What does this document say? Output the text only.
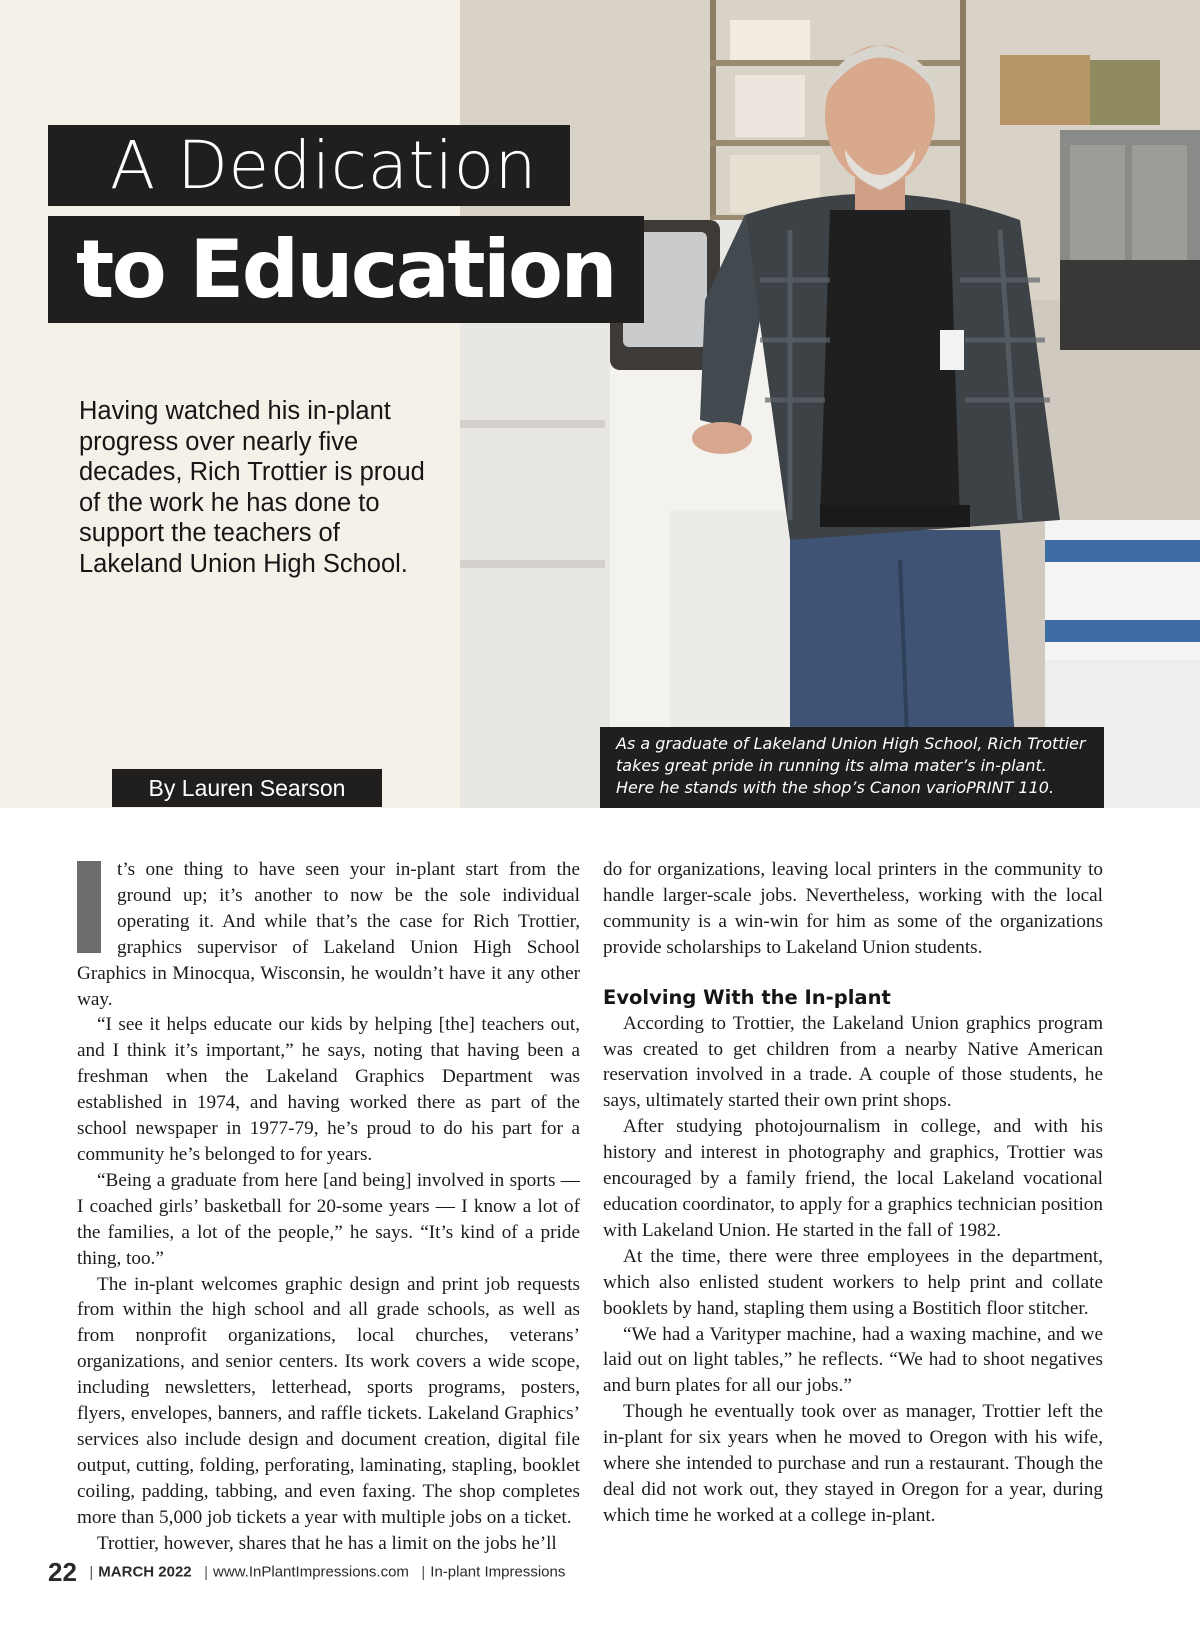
A Dedication
to Education
Having watched his in-plant progress over nearly five decades, Rich Trottier is proud of the work he has done to support the teachers of Lakeland Union High School.
By Lauren Searson
As a graduate of Lakeland Union High School, Rich Trottier takes great pride in running its alma mater’s in-plant. Here he stands with the shop’s Canon varioPRINT 110.

t’s one thing to have seen your in-plant start from the ground up; it’s another to now be the sole individual operating it. And while that’s the case for Rich Trottier, graphics supervisor of Lakeland Union High School Graphics in Minocqua, Wisconsin, he wouldn’t have it any other way.

“I see it helps educate our kids by helping [the] teachers out, and I think it’s important,” he says, noting that having been a freshman when the Lakeland Graphics Department was established in 1974, and having worked there as part of the school newspaper in 1977-79, he’s proud to do his part for a community he’s belonged to for years.

“Being a graduate from here [and being] involved in sports — I coached girls’ basketball for 20-some years — I know a lot of the families, a lot of the people,” he says. “It’s kind of a pride thing, too.”

The in-plant welcomes graphic design and print job requests from within the high school and all grade schools, as well as from nonprofit organizations, local churches, veterans’ organizations, and senior centers. Its work covers a wide scope, including newsletters, letterhead, sports programs, posters, flyers, envelopes, banners, and raffle tickets. Lakeland Graphics’ services also include design and document creation, digital file output, cutting, folding, perforating, laminating, stapling, booklet coiling, padding, tabbing, and even faxing. The shop completes more than 5,000 job tickets a year with multiple jobs on a ticket.

Trottier, however, shares that he has a limit on the jobs he’ll

do for organizations, leaving local printers in the community to handle larger-scale jobs. Nevertheless, working with the local community is a win-win for him as some of the organizations provide scholarships to Lakeland Union students.

Evolving With the In-plant

According to Trottier, the Lakeland Union graphics program was created to get children from a nearby Native American reservation involved in a trade. A couple of those students, he says, ultimately started their own print shops.

After studying photojournalism in college, and with his history and interest in photography and graphics, Trottier was encouraged by a family friend, the local Lakeland vocational education coordinator, to apply for a graphics technician position with Lakeland Union. He started in the fall of 1982.

At the time, there were three employees in the department, which also enlisted student workers to help print and collate booklets by hand, stapling them using a Bostitich floor stitcher.

“We had a Varityper machine, had a waxing machine, and we laid out on light tables,” he reflects. “We had to shoot negatives and burn plates for all our jobs.”

Though he eventually took over as manager, Trottier left the in-plant for six years when he moved to Oregon with his wife, where she intended to purchase and run a restaurant. Though the deal did not work out, they stayed in Oregon for a year, during which time he worked at a college in-plant.

22 | MARCH 2022 | www.InPlantImpressions.com | In-plant Impressions
